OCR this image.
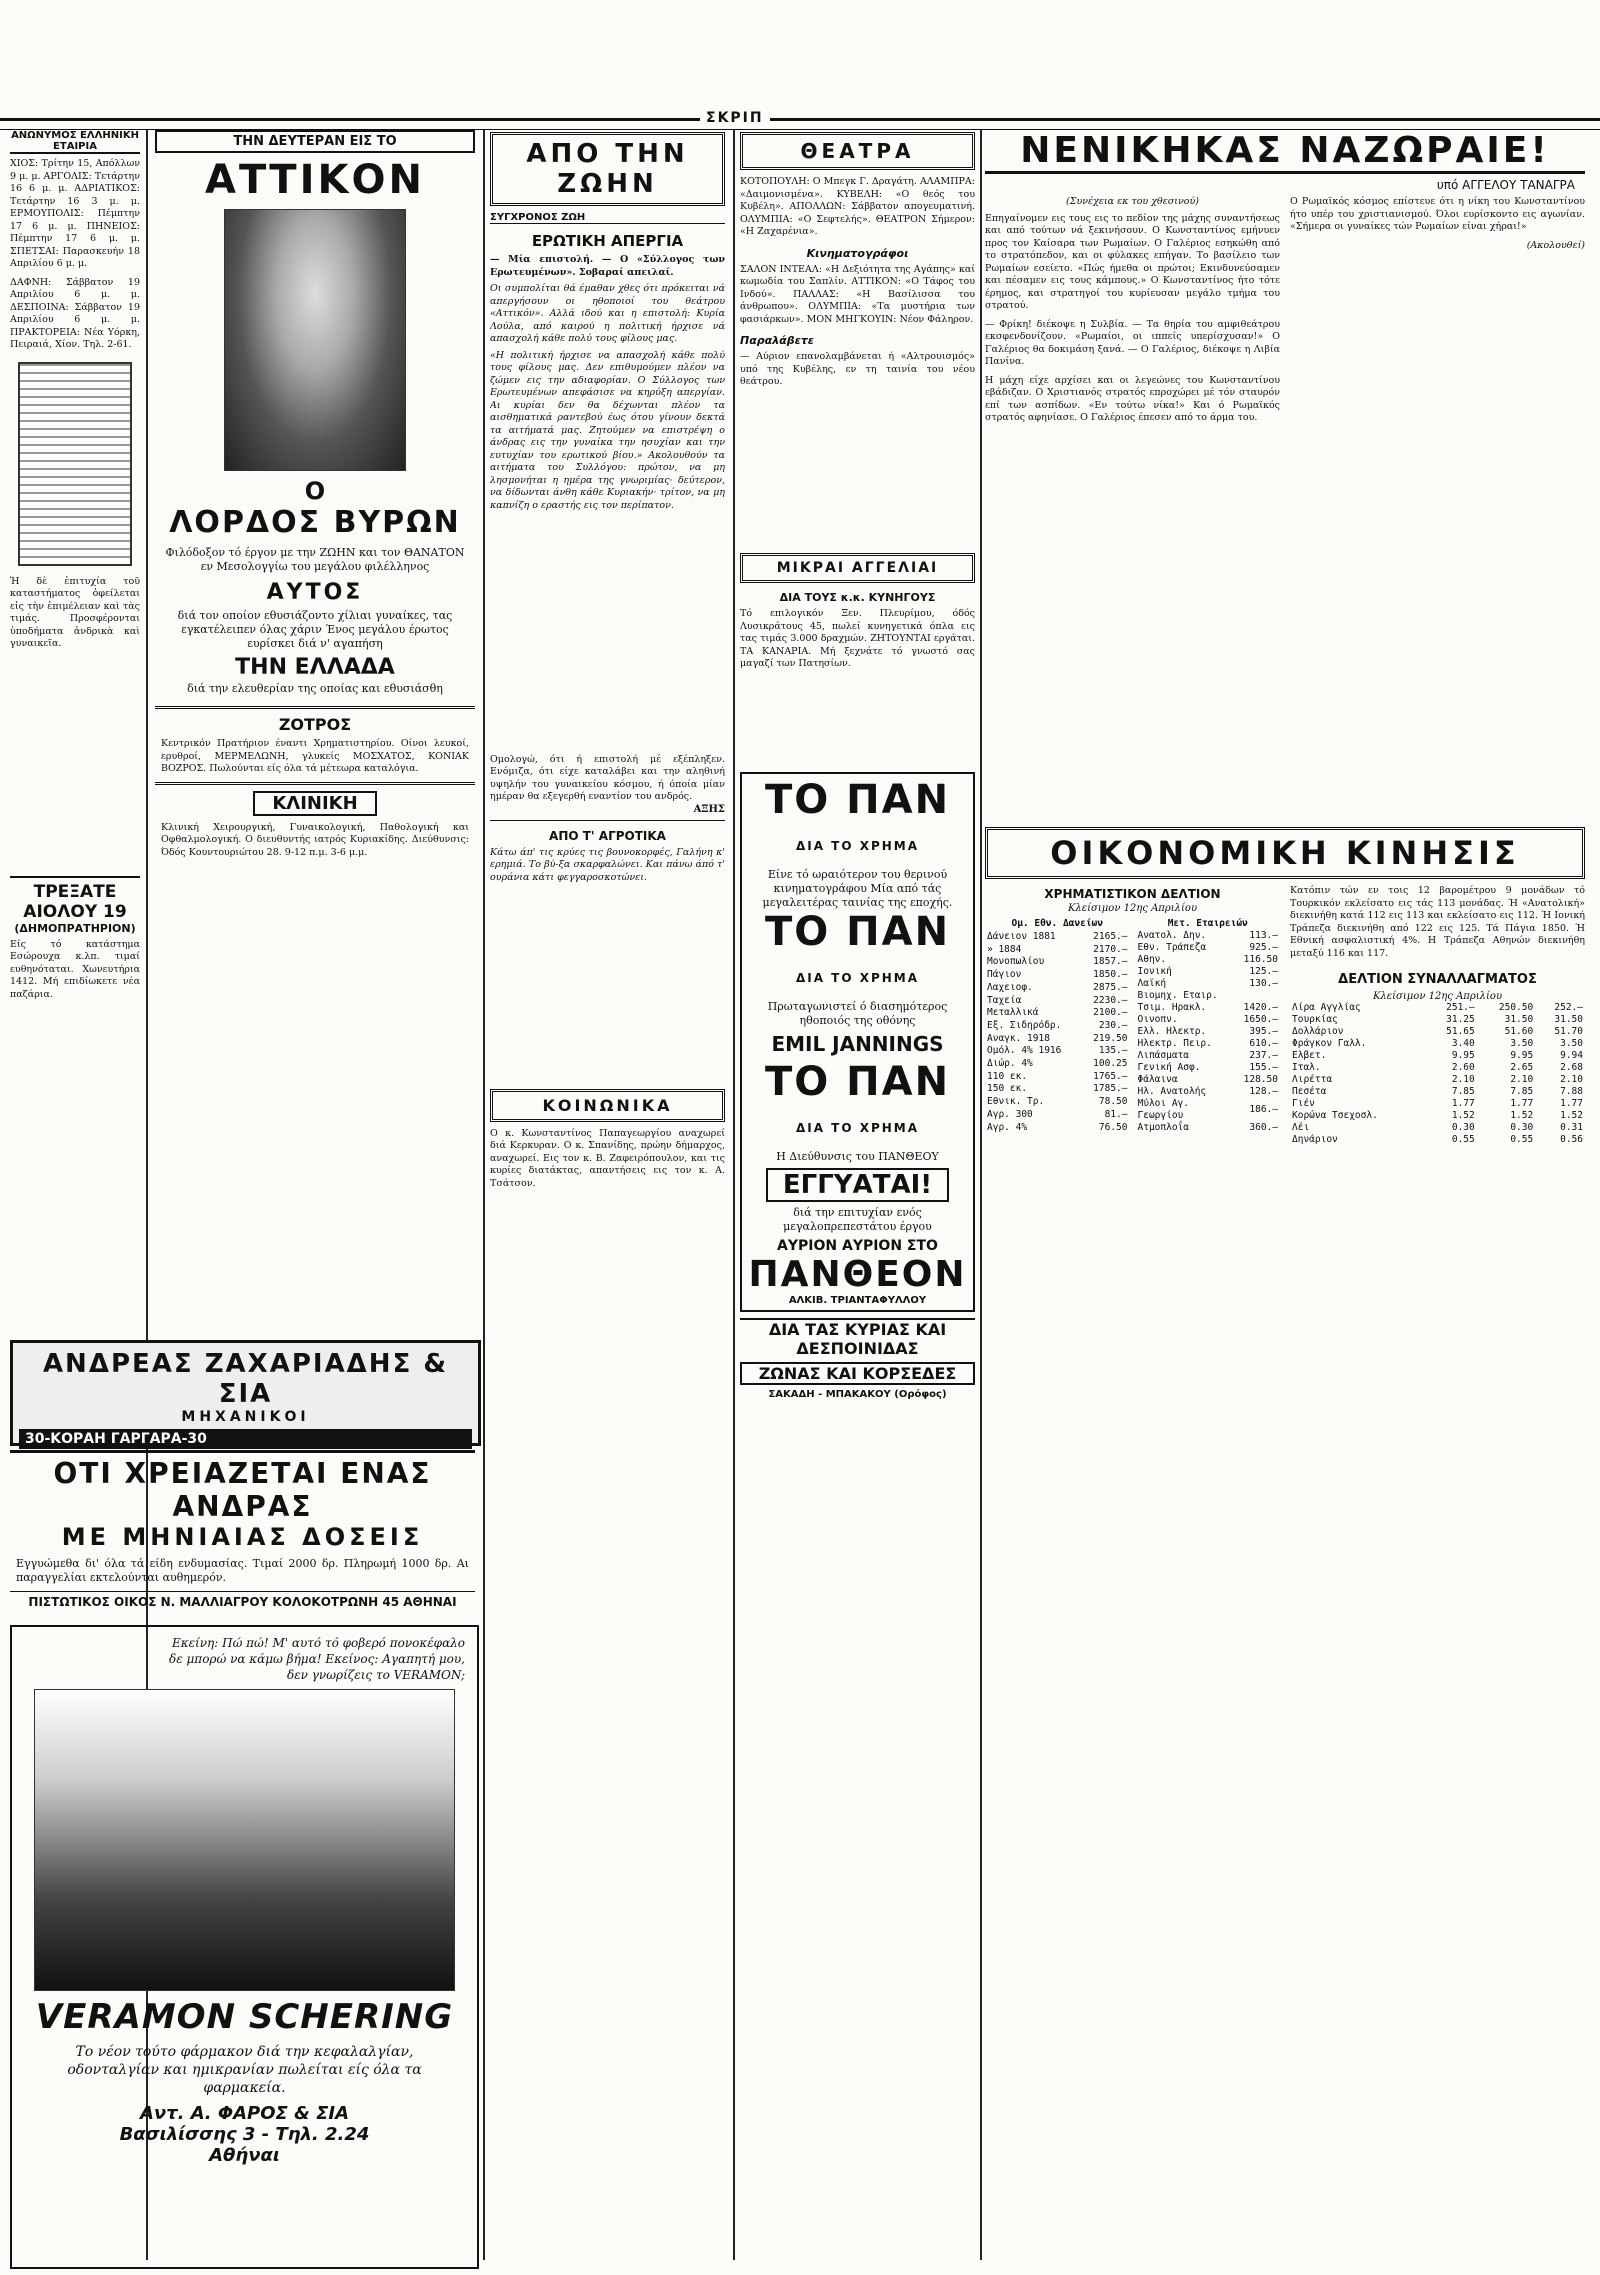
ΣΚΡΙΠ
ΑΝΩΝΥΜΟΣ ΕΛΛΗΝΙΚΗ ΕΤΑΙΡΙΑ
ΧΙΟΣ: Τρίτην 15, Απόλλων 9 μ. μ. ΑΡΓΟΛΙΣ: Τετάρτην 16 6 μ. μ. ΑΔΡΙΑΤΙΚΟΣ: Τετάρτην 16 3 μ. μ. ΕΡΜΟΥΠΟΛΙΣ: Πέμπτην 17 6 μ. μ. ΠΗΝΕΙΟΣ: Πέμπτην 17 6 μ. μ. ΣΠΕΤΣΑΙ: Παρασκευήν 18 Απριλίου 6 μ. μ.
ΔΑΦΝΗ: Σάββατον 19 Απριλίου 6 μ. μ. ΔΕΣΠΟΙΝΑ: Σάββατον 19 Απριλίου 6 μ. μ. ΠΡΑΚΤΟΡΕΙΑ: Νέα Υόρκη, Πειραιά, Χίον. Τηλ. 2-61.
Ἡ δὲ ἐπιτυχία τοῦ καταστήματος ὀφείλεται εἰς τὴν ἐπιμέλειαν καὶ τὰς τιμάς. Προσφέρονται ὑποδήματα ἀνδρικὰ καὶ γυναικεῖα.
ΤΡΕΞΑΤΕ ΑΙΟΛΟΥ 19
(ΔΗΜΟΠΡΑΤΗΡΙΟΝ)
Είς τό κατάστημα Εσώρουχα κ.λπ. τιμαί ευθηνόταται. Χωνευτήρια 1412. Μή επιδίωκετε νέα παζάρια.
ΤΗΝ ΔΕΥΤΕΡΑΝ ΕΙΣ ΤΟ
ΑΤΤΙΚΟΝ
Ο
ΛΟΡΔΟΣ ΒΥΡΩΝ
Φιλόδοξον τό έργον με την ΖΩΗΝ και τον ΘΑΝΑΤΟΝ εν Μεσολογγίω του μεγάλου φιλέλληνος
ΑΥΤΟΣ
διά τον οποίον εθυσιάζοντο χίλιαι γυναίκες, τας εγκατέλειπεν όλας χάριν Ένος μεγάλου έρωτος ευρίσκει διά ν' αγαπήση
ΤΗΝ ΕΛΛΑΔΑ
διά την ελευθερίαν της οποίας και εθυσιάσθη
ΖΟΤΡΟΣ
Κεντρικόν Πρατήριον έναντι Χρηματιστηρίου. Οίνοι λευκοί, ερυθροί, ΜΕΡΜΕΛΩΝΗ, γλυκείς ΜΟΣΧΑΤΟΣ, ΚΟΝΙΑΚ ΒΟΖΡΟΣ. Πωλούνται είς όλα τά μέτεωρα καταλόγια.
ΚΛΙΝΙΚΗ
Κλινική Χειρουργική, Γυναικολογική, Παθολογική και Οφθαλμολογική. Ο διευθυντής ιατρός Κυριακίδης. Διεύθυνσις: Όδός Κουντουριώτου 28. 9-12 π.μ. 3-6 μ.μ.
ΑΝΔΡΕΑΣ ΖΑΧΑΡΙΑΔΗΣ & ΣΙΑ
ΜΗΧΑΝΙΚΟΙ
30-ΚΟΡΑΗ ΓΑΡΓΑΡΑ-30
ΟΤΙ ΧΡΕΙΑΖΕΤΑΙ ΕΝΑΣ ΑΝΔΡΑΣ
ΜΕ ΜΗΝΙΑΙΑΣ ΔΟΣΕΙΣ
Εγγυώμεθα δι' όλα τά είδη ενδυμασίας. Τιμαί 2000 δρ. Πληρωμή 1000 δρ. Αι παραγγελίαι εκτελούνται αυθημερόν.
ΠΙΣΤΩΤΙΚΟΣ ΟΙΚΟΣ Ν. ΜΑΛΛΙΑΓΡΟΥ ΚΟΛΟΚΟΤΡΩΝΗ 45 ΑΘΗΝΑΙ
Εκείνη: Πώ πώ! Μ' αυτό τό φοβερό πονοκέφαλο δε μπορώ να κάμω βήμα! Εκείνος: Αγαπητή μου, δεν γνωρίζεις το VERAMON;
VERAMON SCHERING
Το νέον τούτο φάρμακον διά την κεφαλαλγίαν, οδονταλγίαν και ημικρανίαν πωλείται είς όλα τα φαρμακεία.
Αντ. Α. ΦΑΡΟΣ & ΣΙΑ
Βασιλίσσης 3 - Τηλ. 2.24
Αθήναι
ΑΠΟ ΤΗΝ ΖΩΗΝ
ΣΥΓΧΡΟΝΟΣ ΖΩΗ
ΕΡΩΤΙΚΗ ΑΠΕΡΓΙΑ
— Μία επιστολή. — Ο «Σύλλογος των Ερωτευμένων». Σοβαραί απειλαί.
Οι συμπολίται θά έμαθαν χθες ότι πρόκειται νά απεργήσουν οι ηθοποιοί του θεάτρου «Αττικόν». Αλλά ιδού και η επιστολή: Κυρία Λούλα, από καιρού η πολιτική ήρχισε νά απασχολή κάθε πολύ τους φίλους μας.
«Η πολιτική ήρχισε να απασχολή κάθε πολύ τους φίλους μας. Δεν επιθυμούμεν πλέον να ζώμεν εις την αδιαφορίαν. Ο Σύλλογος των Ερωτευμένων απεφάσισε να κηρύξη απεργίαν. Αι κυρίαι δεν θα δέχωνται πλέον τα αισθηματικά ραντεβού έως ότου γίνουν δεκτά τα αιτήματά μας. Ζητούμεν να επιστρέψη ο άνδρας εις την γυναίκα την ησυχίαν και την ευτυχίαν του ερωτικού βίου.» Ακολουθούν τα αιτήματα του Συλλόγου: πρώτον, να μη λησμονήται η ημέρα της γνωριμίας· δεύτερον, να δίδωνται άνθη κάθε Κυριακήν· τρίτον, να μη καπνίζη ο εραστής εις τον περίπατον.
Ομολογώ, ότι ή επιστολή μέ εξέπληξεν. Ενόμιζα, ότι είχε καταλάβει και την αληθινή υψηλήν του γυναικείου κόσμου, ή όποία μίαν ημέραν θα εξεγερθή εναντίον του ανδρός.
ΑΞΗΣ
ΑΠΟ Τ' ΑΓΡΟΤΙΚΑ
Κάτω άπ' τις κρύες τις βουνοκορφές, Γαλήνη κ' ερημιά. Το βύ-ξα σκαρφαλώνει. Και πάνω άπό τ' ουράνια κάτι φεγγαροσκοτώνει.
ΚΟΙΝΩΝΙΚΑ
Ο κ. Κωνσταντίνος Παπαγεωργίου αναχωρεί διά Κερκυραν. Ο κ. Σπανίδης, πρώην δήμαρχος, αναχωρεί. Εις τον κ. Β. Ζαφειρόπουλον, και τις κυρίες διατάκτας, απαντήσεις εις τον κ. Α. Τσάτσον.
ΘΕΑΤΡΑ
ΚΟΤΟΠΟΥΛΗ: Ο Μπεγκ Γ. Δραγάτη. ΑΛΑΜΠΡΑ: «Δαιμονισμένα». ΚΥΒΕΛΗ: «Ο θεός του Κυβέλη». ΑΠΟΛΛΩΝ: Σάββατον απογευματινή. ΟΛΥΜΠΙΑ: «Ο Σεφτελής». ΘΕΑΤΡΟΝ Σήμερον: «Η Ζαχαρένια».
Κινηματογράφοι
ΣΑΛΟΝ ΙΝΤΕΑΛ: «Η Δεξιότητα της Αγάπης» καί κωμωδία του Σαπλίν. ΑΤΤΙΚΟΝ: «Ο Τάφος του Ινδού». ΠΑΛΛΑΣ: «Η Βασίλισσα του άνθρωπου». ΟΛΥΜΠΙΑ: «Τα μυστήρια των φασιάρκων». ΜΟΝ ΜΗΓΚΟΥΙΝ: Νέον Φάληρον.
Παραλάβετε
— Αύριον επανολαμβάνεται ή «Αλτρουισμός» υπό της Κυβέλης, εν τη ταινία του νέου θεάτρου.
ΜΙΚΡΑΙ ΑΓΓΕΛΙΑΙ
ΔΙΑ ΤΟΥΣ κ.κ. ΚΥΝΗΓΟΥΣ
Τό επιλογικόν Ξεν. Πλευρίμου, όδός Λυσικράτους 45, πωλεί κυνηγετικά όπλα εις τας τιμάς 3.000 δραχμών. ΖΗΤΟΥΝΤΑΙ εργάται. ΤΑ ΚΑΝΑΡΙΑ. Μή ξεχνάτε τό γνωστό σας μαγαζί των Πατησίων.
ΤΟ ΠΑΝ ΔΙΑ ΤΟ ΧΡΗΜΑ
Είνε τό ωραιότερον του θερινού κινηματογράφου Μία από τάς μεγαλειτέρας ταινίας της εποχής.
ΤΟ ΠΑΝ ΔΙΑ ΤΟ ΧΡΗΜΑ
Πρωταγωνιστεί ό διασημότερος ηθοποιός της οθόνης
EMIL JANNINGS
ΤΟ ΠΑΝ ΔΙΑ ΤΟ ΧΡΗΜΑ
Η Διεύθυνσις του ΠΑΝΘΕΟΥ
ΕΓΓΥΑΤΑΙ!
διά την επιτυχίαν ενός μεγαλοπρεπεστάτου έργου
ΑΥΡΙΟΝ ΑΥΡΙΟΝ ΣΤΟ
ΠΑΝΘΕΟΝ
ΑΛΚΙΒ. ΤΡΙΑΝΤΑΦΥΛΛΟΥ
ΔΙΑ ΤΑΣ ΚΥΡΙΑΣ ΚΑΙ ΔΕΣΠΟΙΝΙΔΑΣ
ΖΩΝΑΣ ΚΑΙ ΚΟΡΣΕΔΕΣ
ΣΑΚΑΔΗ - ΜΠΑΚΑΚΟΥ (Ορόφος)
ΝΕΝΙΚΗΚΑΣ ΝΑΖΩΡΑΙΕ!
υπό ΑΓΓΕΛΟΥ ΤΑΝΑΓΡΑ
(Συνέχεια εκ του χθεσινού)
Επηγαίνομεν εις τους εις το πεδίον της μάχης συναντήσεως και από τούτων νά ξεκινήσουν. Ο Κωνσταντίνος εμήνυεν προς τον Καίσαρα των Ρωμαίων. Ο Γαλέριος εσηκώθη από το στρατόπεδον, και οι φύλακες επήγαν. Το βασίλειο των Ρωμαίων εσείετο. «Πώς ήμεθα οι πρώτοι; Εκινδυνεύσαμεν και πέσαμεν εις τους κάμπους.» Ο Κωνσταντίνος ήτο τότε έρημος, και στρατηγοί του κυρίευσαν μεγάλο τμήμα του στρατού.
— Φρίκη! διέκοψε η Συλβία. — Τα θηρία του αμφιθεάτρου εκσφενδονίζουν. «Ρωμαίοι, οι ιππείς υπερίσχυσαν!» Ο Γαλέριος θα δοκιμάση ξανά. — Ο Γαλέριος, διέκοψε η Λιβία Πανίνα.
Η μάχη είχε αρχίσει και οι λεγεώνες του Κωνσταντίνου εβάδιζαν. Ο Χριστιανός στρατός επροχώρει μέ τόν σταυρόν επί των ασπίδων. «Εν τούτω νίκα!» Και ό Ρωμαϊκός στρατός αφηνίασε. Ο Γαλέριος έπεσεν από το άρμα του.
Ο Ρωμαϊκός κόσμος επίστευε ότι η νίκη του Κωνσταντίνου ήτο υπέρ του χριστιανισμού. Όλοι ευρίσκοντο εις αγωνίαν. «Σήμερα οι γυναίκες τών Ρωμαίων είναι χήραι!»
(Ακολουθεί)
ΟΙΚΟΝΟΜΙΚΗ ΚΙΝΗΣΙΣ
ΧΡΗΜΑΤΙΣΤΙΚΟΝ ΔΕΛΤΙΟΝ
Κλείσιμον 12ης Απριλίου
Ομ. Εθν. Δανείων	
Δάνειον 1881	2165.—
» 1884	2170.—
Μονοπωλίου	1857.—
Πάγιον	1850.—
Λαχειοφ.	2875.—
Ταχεία	2230.—
Μεταλλικά	2100.—
Εξ. Σιδηρόδρ.	230.—
Αναγκ. 1918	219.50
Ομόλ. 4% 1916	135.—
Διώρ. 4%	100.25
110 εκ.	1765.—
150 εκ.	1785.—
Εθνικ. Τρ.	78.50
Αγρ. 300	81.—
Αγρ. 4%	76.50
Μετ. Εταιρειών	
Ανατολ. Δην.	113.—
Εθν. Τράπεζα	925.—
Αθην.	116.50
Ιονική	125.—
Λαϊκή	130.—
Βιομηχ. Εταιρ.	
Τσιμ. Ηρακλ.	1420.—
Οινοπν.	1650.—
Ελλ. Ηλεκτρ.	395.—
Ηλεκτρ. Πειρ.	610.—
Λιπάσματα	237.—
Γενική Ασφ.	155.—
Φάλαινα	128.50
Ηλ. Ανατολής	128.—
Μύλοι Αγ. Γεωργίου	186.—
Ατμοπλοΐα	360.—
Κατόπιν τών εν τοις 12 βαρομέτρου 9 μονάδων τό Τουρκικόν εκλείσατο εις τάς 113 μονάδας. Ή «Ανατολική» διεκινήθη κατά 112 εις 113 και εκλείσατο εις 112. Ή Ιονική Τράπεζα διεκινήθη από 122 εις 125. Τά Πάγια 1850. Ή Εθνική ασφαλιστική 4%. Η Τράπεζα Αθηνών διεκινήθη μεταξύ 116 και 117.
ΔΕΛΤΙΟΝ ΣΥΝΑΛΛΑΓΜΑΤΟΣ
Κλείσιμον 12ης Απριλίου
Λίρα Αγγλίας	251.—	250.50	252.—
Τουρκίας	31.25	31.50	31.50
Δολλάριον	51.65	51.60	51.70
Φράγκον Γαλλ.	3.40	3.50	3.50
Ελβετ.	9.95	9.95	9.94
Ιταλ.	2.60	2.65	2.68
Λιρέττα	2.10	2.10	2.10
Πεσέτα	7.85	7.85	7.88
Γιέν	1.77	1.77	1.77
Κορώνα Τσεχοσλ.	1.52	1.52	1.52
Λέι	0.30	0.30	0.31
Δηνάριον	0.55	0.55	0.56
